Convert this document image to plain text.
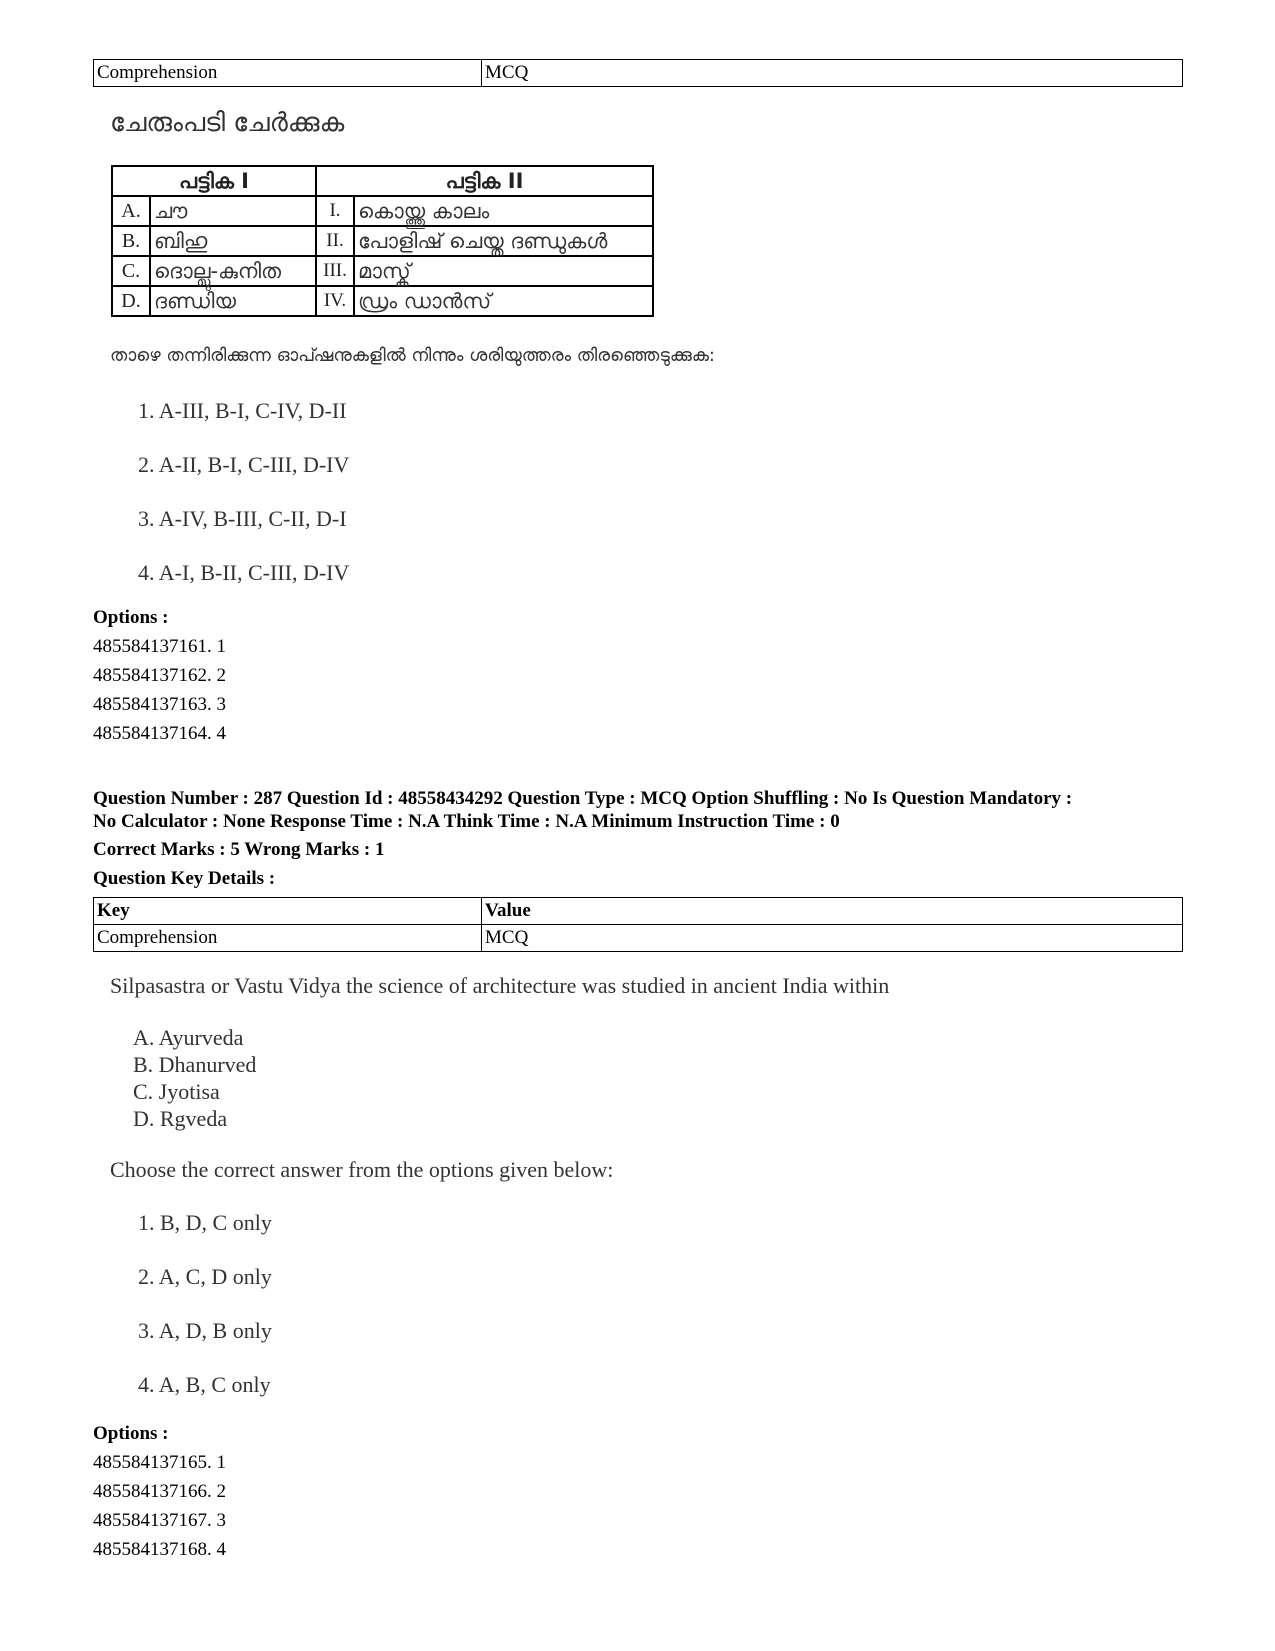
Comprehension	MCQ
ചേരുംപടി ചേർക്കുക
പട്ടിക I		പട്ടിക II	
A.	ചൗ	I.	കൊയ്ത്തു കാലം
B.	ബിഹു	II.	പോളിഷ് ചെയ്ത ദണ്ഡുകൾ
C.	ദൊല്ലു-കുനിത	III.	മാസ്ക്
D.	ദണ്ഡിയ	IV.	ഡ്രം ഡാൻസ്
താഴെ തന്നിരിക്കുന്ന ഓപ്ഷനുകളിൽ നിന്നും ശരിയുത്തരം തിരഞ്ഞെടുക്കുക:
1. A-III, B-I, C-IV, D-II
2. A-II, B-I, C-III, D-IV
3. A-IV, B-III, C-II, D-I
4. A-I, B-II, C-III, D-IV
Options :
485584137161. 1
485584137162. 2
485584137163. 3
485584137164. 4
Question Number : 287 Question Id : 48558434292 Question Type : MCQ Option Shuffling : No Is Question Mandatory :
No Calculator : None Response Time : N.A Think Time : N.A Minimum Instruction Time : 0
Correct Marks : 5 Wrong Marks : 1
Question Key Details :
Key	Value
Comprehension	MCQ
Silpasastra or Vastu Vidya the science of architecture was studied in ancient India within
A. Ayurveda
B. Dhanurved
C. Jyotisa
D. Rgveda
Choose the correct answer from the options given below:
1. B, D, C only
2. A, C, D only
3. A, D, B only
4. A, B, C only
Options :
485584137165. 1
485584137166. 2
485584137167. 3
485584137168. 4
